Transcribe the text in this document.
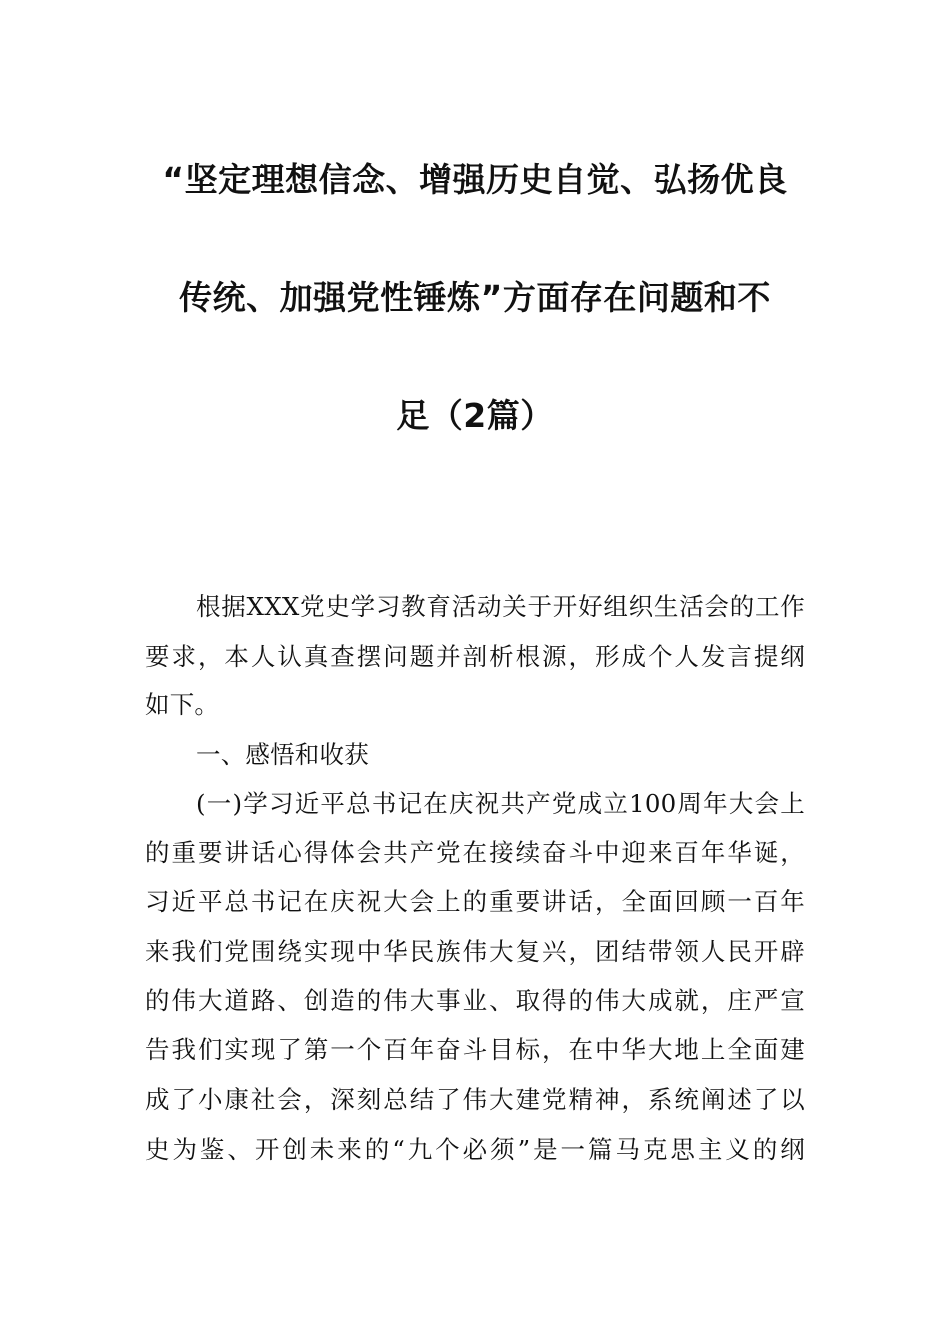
“坚定理想信念、增强历史自觉、弘扬优良
传统、加强党性锤炼”方面存在问题和不
足（2篇）
根据XXX党史学习教育活动关于开好组织生活会的工作
要求，本人认真查摆问题并剖析根源，形成个人发言提纲
如下。
一、感悟和收获
(一)学习近平总书记在庆祝共产党成立100周年大会上
的重要讲话心得体会共产党在接续奋斗中迎来百年华诞，
习近平总书记在庆祝大会上的重要讲话，全面回顾一百年
来我们党围绕实现中华民族伟大复兴，团结带领人民开辟
的伟大道路、创造的伟大事业、取得的伟大成就，庄严宣
告我们实现了第一个百年奋斗目标，在中华大地上全面建
成了小康社会，深刻总结了伟大建党精神，系统阐述了以
史为鉴、开创未来的“九个必须”是一篇马克思主义的纲
